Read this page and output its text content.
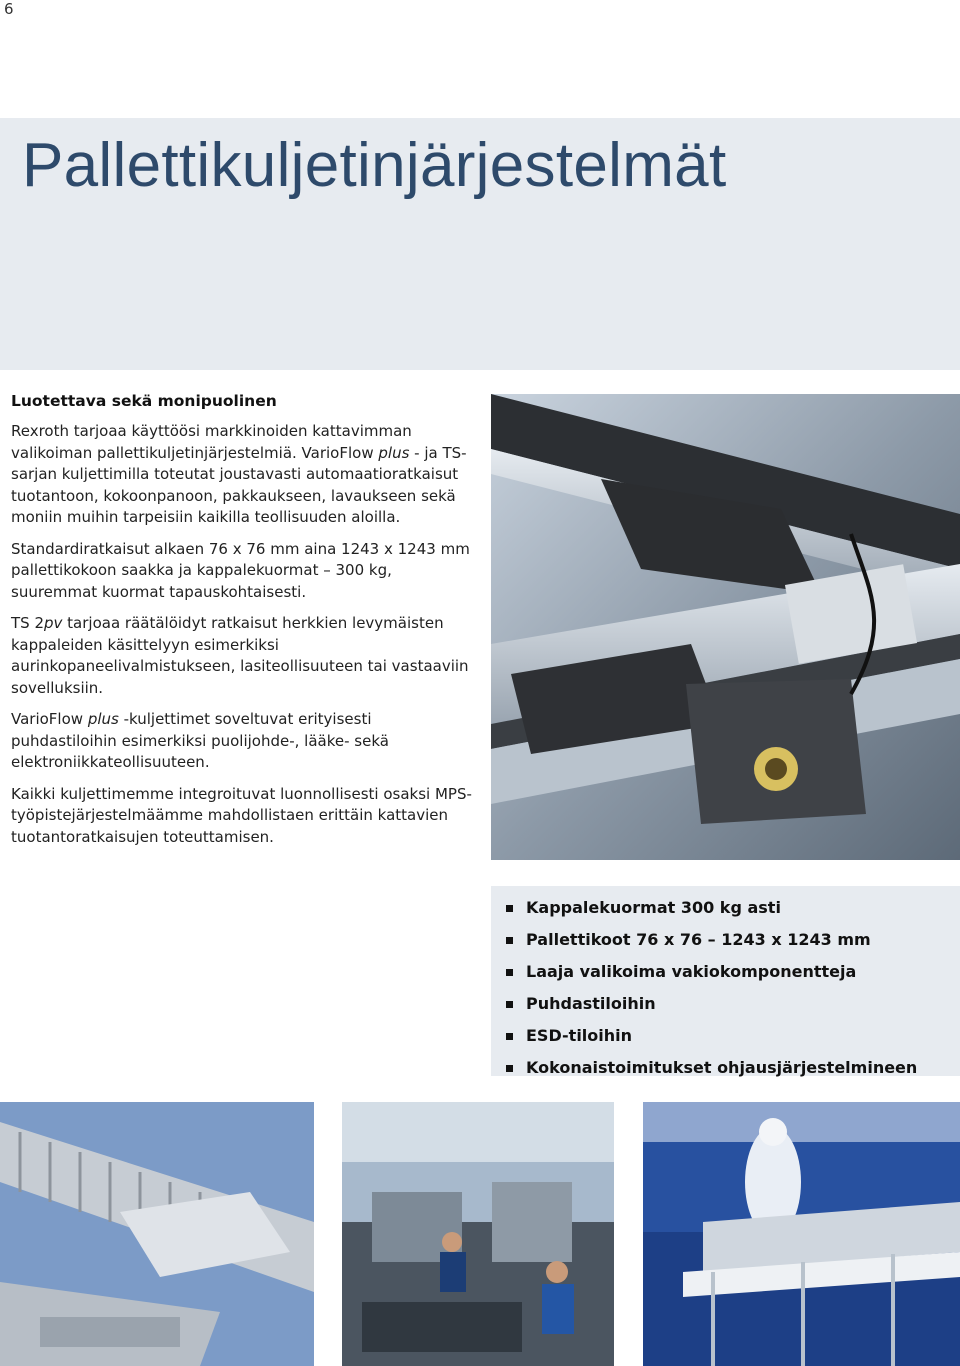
6
Pallettikuljetinjärjestelmät
Luotettava sekä monipuolinen

Rexroth tarjoaa käyttöösi markkinoiden kattavimman valikoiman pallettikuljetinjärjestelmiä. VarioFlow plus - ja TS-sarjan kuljettimilla toteutat joustavasti automaatioratkaisut tuotantoon, kokoonpanoon, pakkaukseen, lavaukseen sekä moniin muihin tarpeisiin kaikilla teollisuuden aloilla.

Standardiratkaisut alkaen 76 x 76 mm aina 1243 x 1243 mm pallettikokoon saakka ja kappalekuormat – 300 kg, suuremmat kuormat tapauskohtaisesti.

TS 2pv tarjoaa räätälöidyt ratkaisut herkkien levymäisten kappaleiden käsittelyyn esimerkiksi aurinkopaneelivalmistukseen, lasiteollisuuteen tai vastaaviin sovelluksiin.

VarioFlow plus -kuljettimet soveltuvat erityisesti puhdastiloihin esimerkiksi puolijohde-, lääke- sekä elektroniikkateollisuuteen.

Kaikki kuljettimemme integroituvat luonnollisesti osaksi MPS-työpistejärjestelmäämme mahdollistaen erittäin kattavien tuotantoratkaisujen toteuttamisen.

Kappalekuormat 300 kg asti
Pallettikoot 76 x 76 – 1243 x 1243 mm
Laaja valikoima vakiokomponentteja
Puhdastiloihin
ESD-tiloihin
Kokonaistoimitukset ohjausjärjestelmineen
